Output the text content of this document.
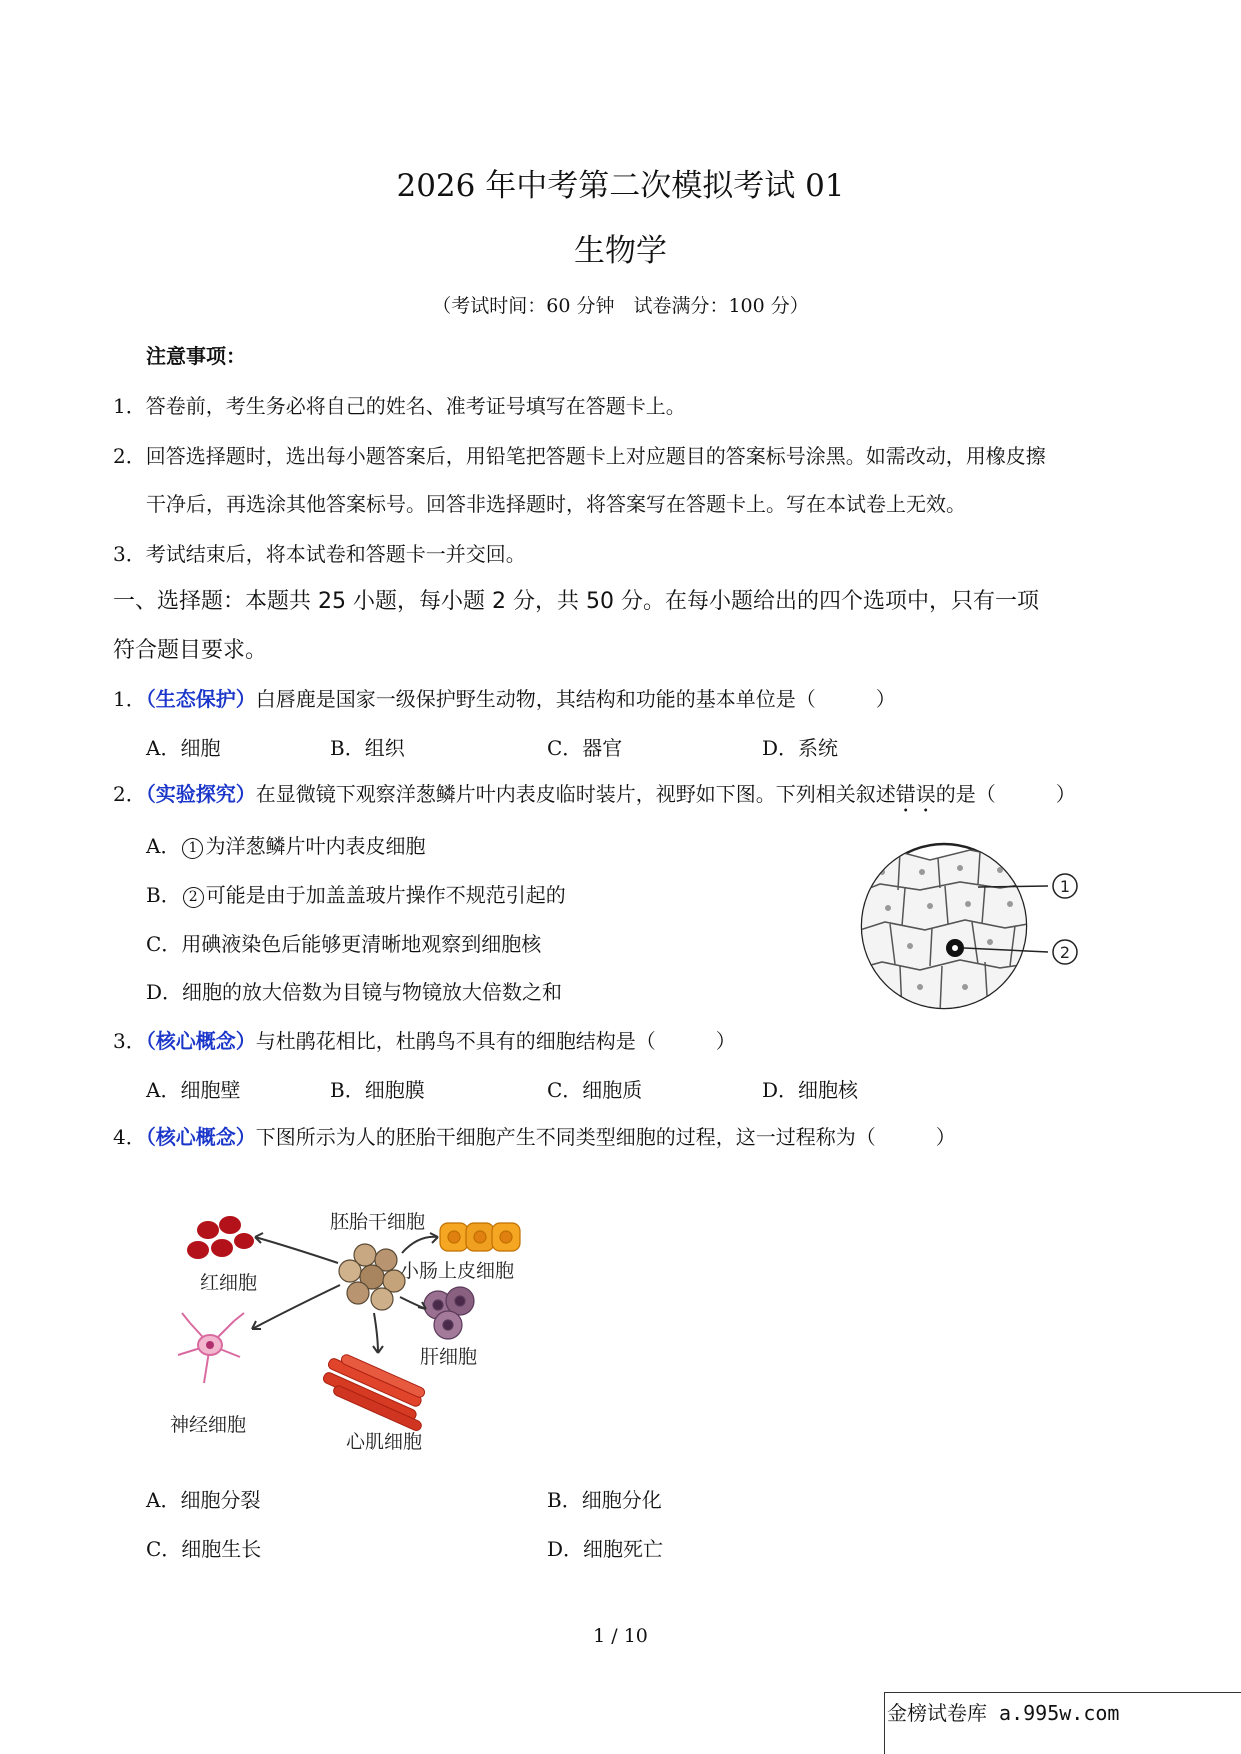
2026 年中考第二次模拟考试 01
生物学
（考试时间：60 分钟　试卷满分：100 分）
注意事项：
1．答卷前，考生务必将自己的姓名、准考证号填写在答题卡上。
2．回答选择题时，选出每小题答案后，用铅笔把答题卡上对应题目的答案标号涂黑。如需改动，用橡皮擦
干净后，再选涂其他答案标号。回答非选择题时，将答案写在答题卡上。写在本试卷上无效。
3．考试结束后，将本试卷和答题卡一并交回。
一、选择题：本题共 25 小题，每小题 2 分，共 50 分。在每小题给出的四个选项中，只有一项
符合题目要求。
1．（生态保护）白唇鹿是国家一级保护野生动物，其结构和功能的基本单位是（　　　）
A．细胞	B．组织	C．器官	D．系统
2．（实验探究）在显微镜下观察洋葱鳞片叶内表皮临时装片，视野如下图。下列相关叙述错误的是（　　　）
A． 1 为洋葱鳞片叶内表皮细胞
B． 2 可能是由于加盖盖玻片操作不规范引起的
C．用碘液染色后能够更清晰地观察到细胞核
D．细胞的放大倍数为目镜与物镜放大倍数之和
1
2
3．（核心概念）与杜鹃花相比，杜鹃鸟不具有的细胞结构是（　　　）
A．细胞壁	B．细胞膜	C．细胞质	D．细胞核
4．（核心概念）下图所示为人的胚胎干细胞产生不同类型细胞的过程，这一过程称为（　　　）
红细胞
胚胎干细胞
小肠上皮细胞
肝细胞
神经细胞
心肌细胞
A．细胞分裂	B．细胞分化
C．细胞生长	D．细胞死亡
1 / 10
金榜试卷库 a.995w.com
